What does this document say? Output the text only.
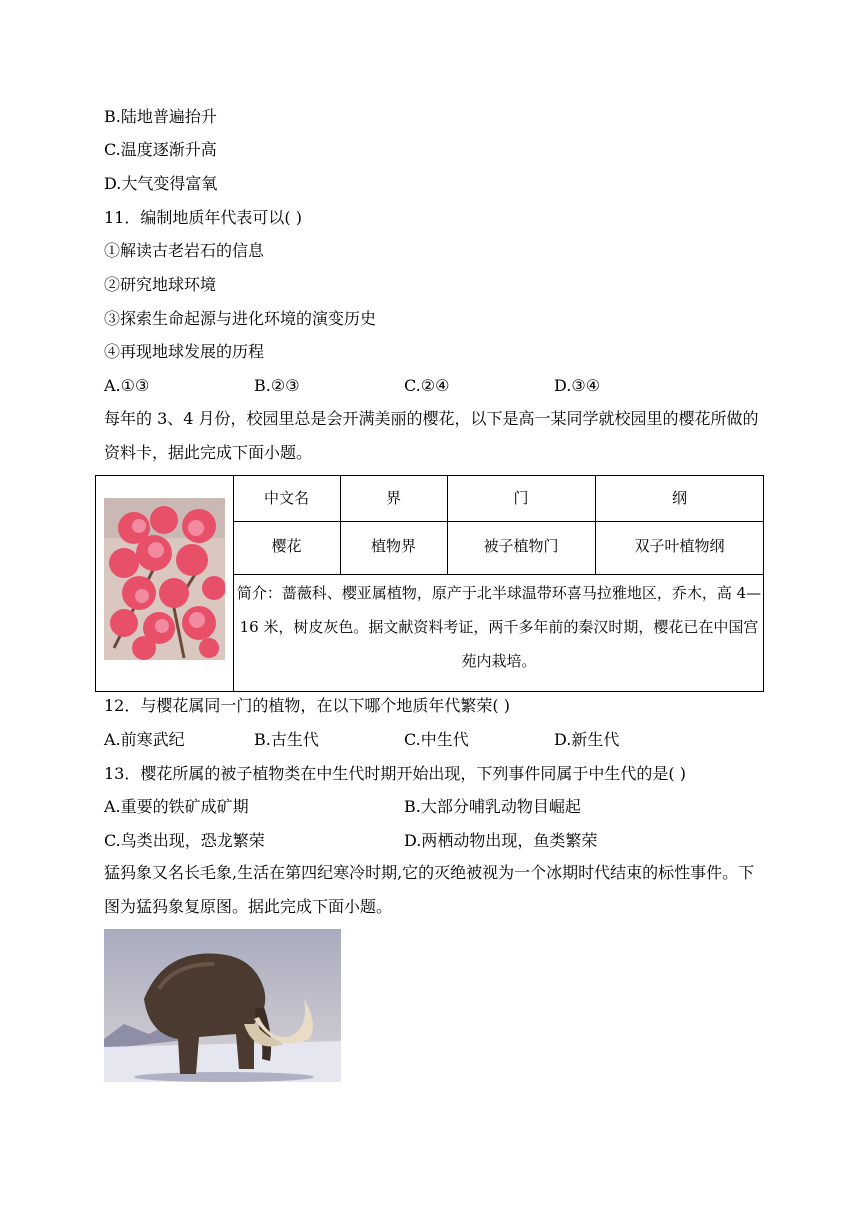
B.陆地普遍抬升
C.温度逐渐升高
D.大气变得富氧
11．编制地质年代表可以( )
①解读古老岩石的信息
②研究地球环境
③探索生命起源与进化环境的演变历史
④再现地球发展的历程
A.①③	B.②③	C.②④	D.③④
每年的 3、4 月份，校园里总是会开满美丽的樱花，以下是高一某同学就校园里的樱花所做的资料卡，据此完成下面小题。
中文名	界	门	纲
樱花	植物界	被子植物门	双子叶植物纲
简介：蔷薇科、樱亚属植物，原产于北半球温带环喜马拉雅地区，乔木，高 4—16 米，树皮灰色。据文献资料考证，两千多年前的秦汉时期，樱花已在中国宫苑内栽培。
12．与樱花属同一门的植物，在以下哪个地质年代繁荣( )
A.前寒武纪	B.古生代	C.中生代	D.新生代
13．樱花所属的被子植物类在中生代时期开始出现，下列事件同属于中生代的是( )
A.重要的铁矿成矿期	B.大部分哺乳动物目崛起
C.鸟类出现，恐龙繁荣	D.两栖动物出现，鱼类繁荣
猛犸象又名长毛象,生活在第四纪寒冷时期,它的灭绝被视为一个冰期时代结束的标性事件。下图为猛犸象复原图。据此完成下面小题。
